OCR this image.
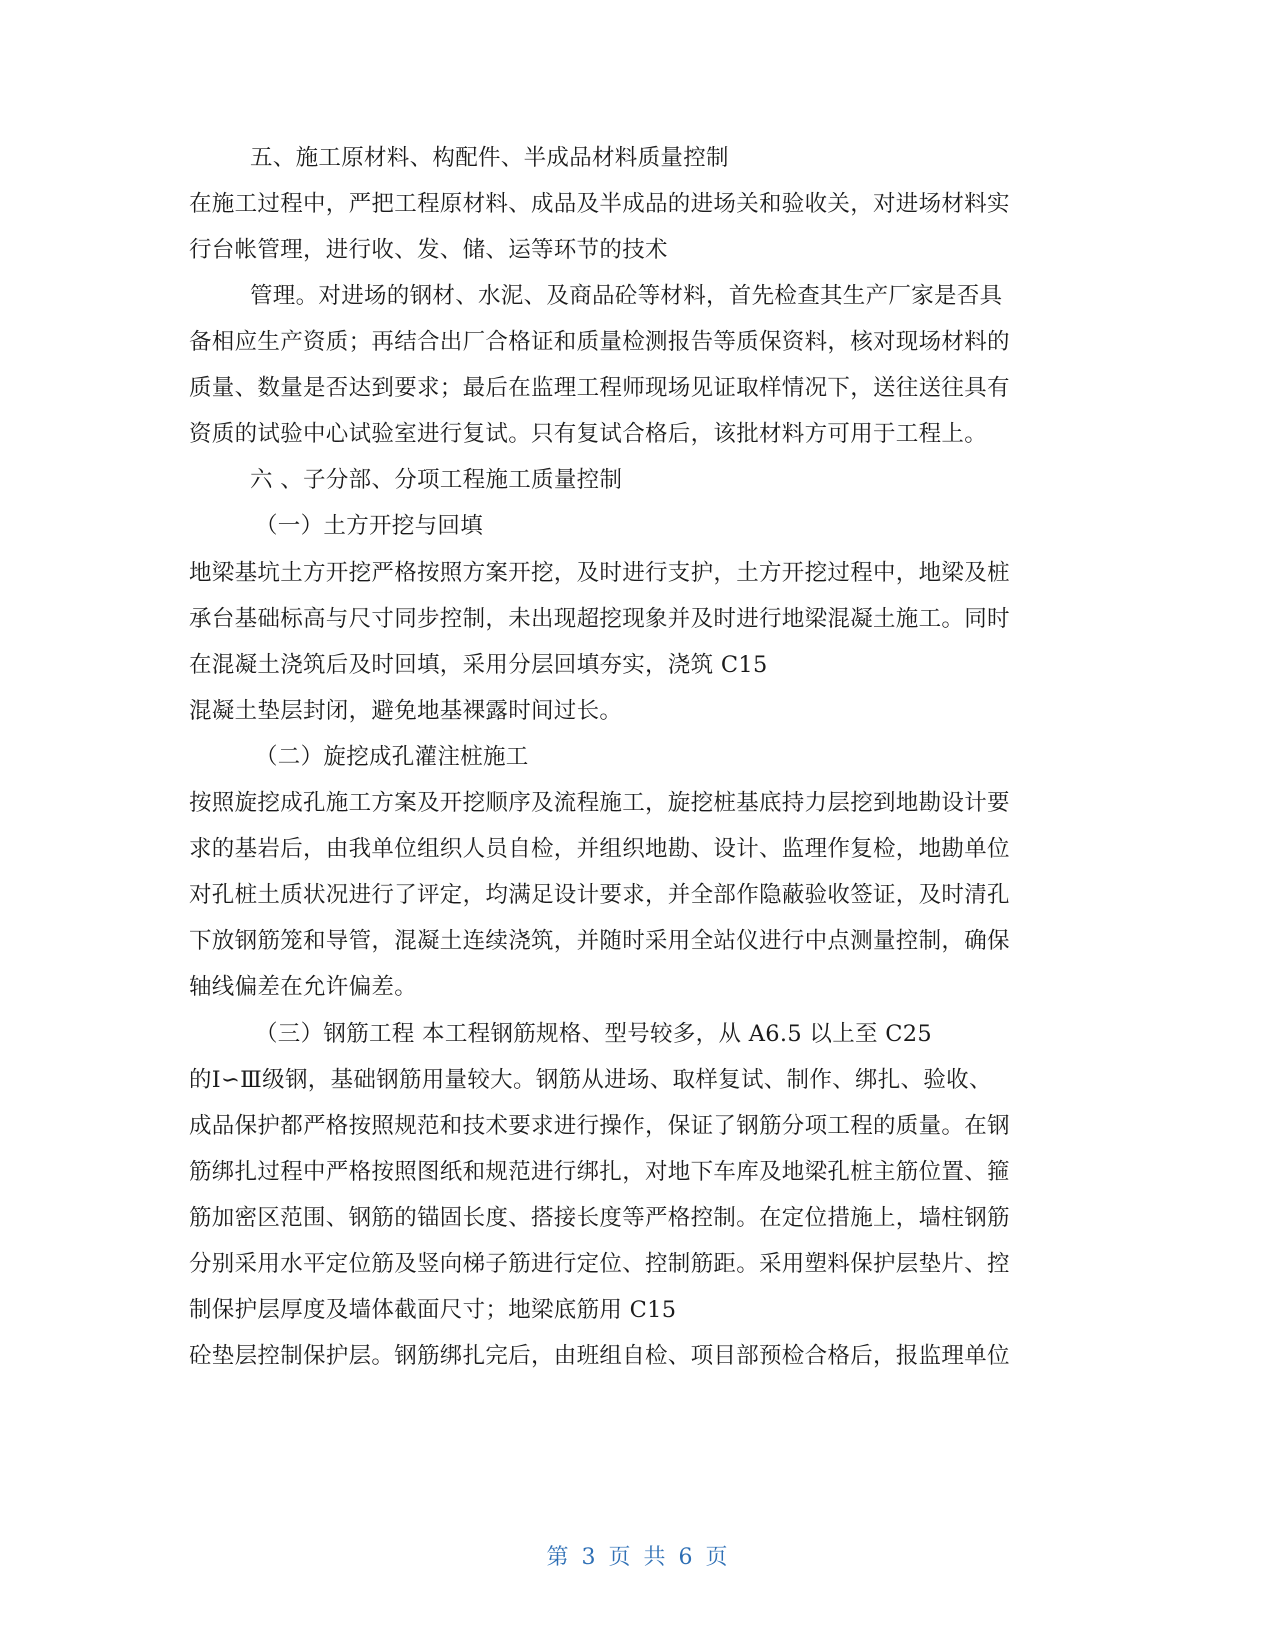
五、施工原材料、构配件、半成品材料质量控制
在施工过程中，严把工程原材料、成品及半成品的进场关和验收关，对进场材料实
行台帐管理，进行收、发、储、运等环节的技术
管理。对进场的钢材、水泥、及商品砼等材料，首先检查其生产厂家是否具
备相应生产资质；再结合出厂合格证和质量检测报告等质保资料，核对现场材料的
质量、数量是否达到要求；最后在监理工程师现场见证取样情况下，送往送往具有
资质的试验中心试验室进行复试。只有复试合格后，该批材料方可用于工程上。
六 、子分部、分项工程施工质量控制
（一）土方开挖与回填
地梁基坑土方开挖严格按照方案开挖，及时进行支护，土方开挖过程中，地梁及桩
承台基础标高与尺寸同步控制，未出现超挖现象并及时进行地梁混凝土施工。同时
在混凝土浇筑后及时回填，采用分层回填夯实，浇筑 C15
混凝土垫层封闭，避免地基裸露时间过长。
（二）旋挖成孔灌注桩施工
按照旋挖成孔施工方案及开挖顺序及流程施工，旋挖桩基底持力层挖到地勘设计要
求的基岩后，由我单位组织人员自检，并组织地勘、设计、监理作复检，地勘单位
对孔桩土质状况进行了评定，均满足设计要求，并全部作隐蔽验收签证，及时清孔
下放钢筋笼和导管，混凝土连续浇筑，并随时采用全站仪进行中点测量控制，确保
轴线偏差在允许偏差。
（三）钢筋工程 本工程钢筋规格、型号较多，从 A6.5 以上至 C25
的Ⅰ∽Ⅲ级钢，基础钢筋用量较大。钢筋从进场、取样复试、制作、绑扎、验收、
成品保护都严格按照规范和技术要求进行操作，保证了钢筋分项工程的质量。在钢
筋绑扎过程中严格按照图纸和规范进行绑扎，对地下车库及地梁孔桩主筋位置、箍
筋加密区范围、钢筋的锚固长度、搭接长度等严格控制。在定位措施上，墙柱钢筋
分别采用水平定位筋及竖向梯子筋进行定位、控制筋距。采用塑料保护层垫片、控
制保护层厚度及墙体截面尺寸；地梁底筋用 C15
砼垫层控制保护层。钢筋绑扎完后，由班组自检、项目部预检合格后，报监理单位
第 3 页 共 6 页
